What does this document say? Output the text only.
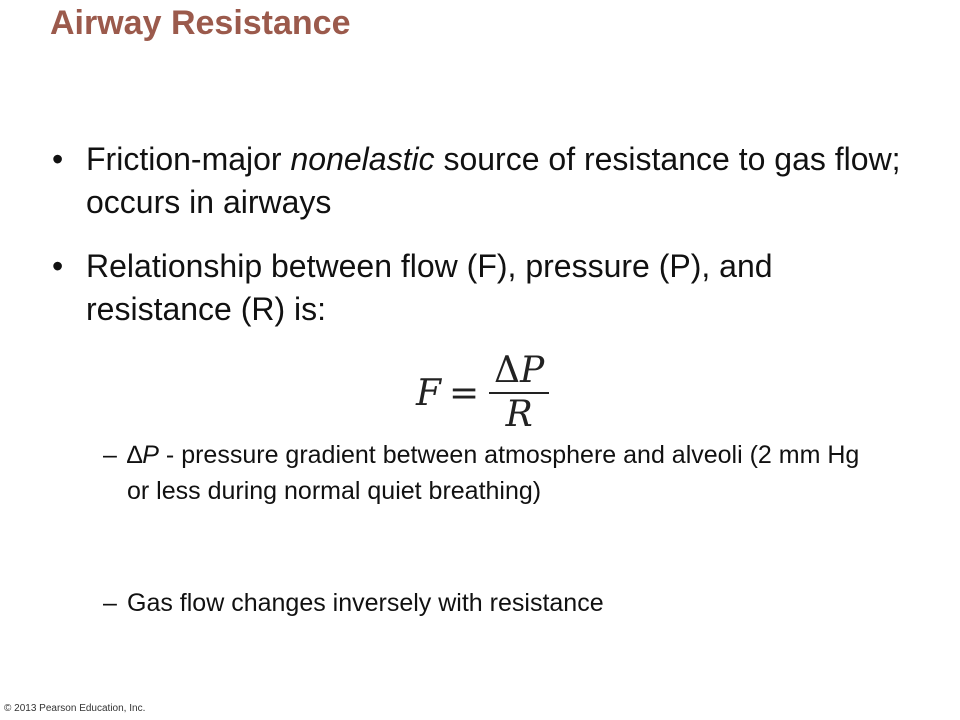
Airway Resistance
• Friction-major nonelastic source of resistance to gas flow; occurs in airways
• Relationship between flow (F), pressure (P), and resistance (R) is:
$F = \frac{\Delta P}{R}$
– ∆P - pressure gradient between atmosphere and alveoli (2 mm Hg or less during normal quiet breathing)
– Gas flow changes inversely with resistance
© 2013 Pearson Education, Inc.
